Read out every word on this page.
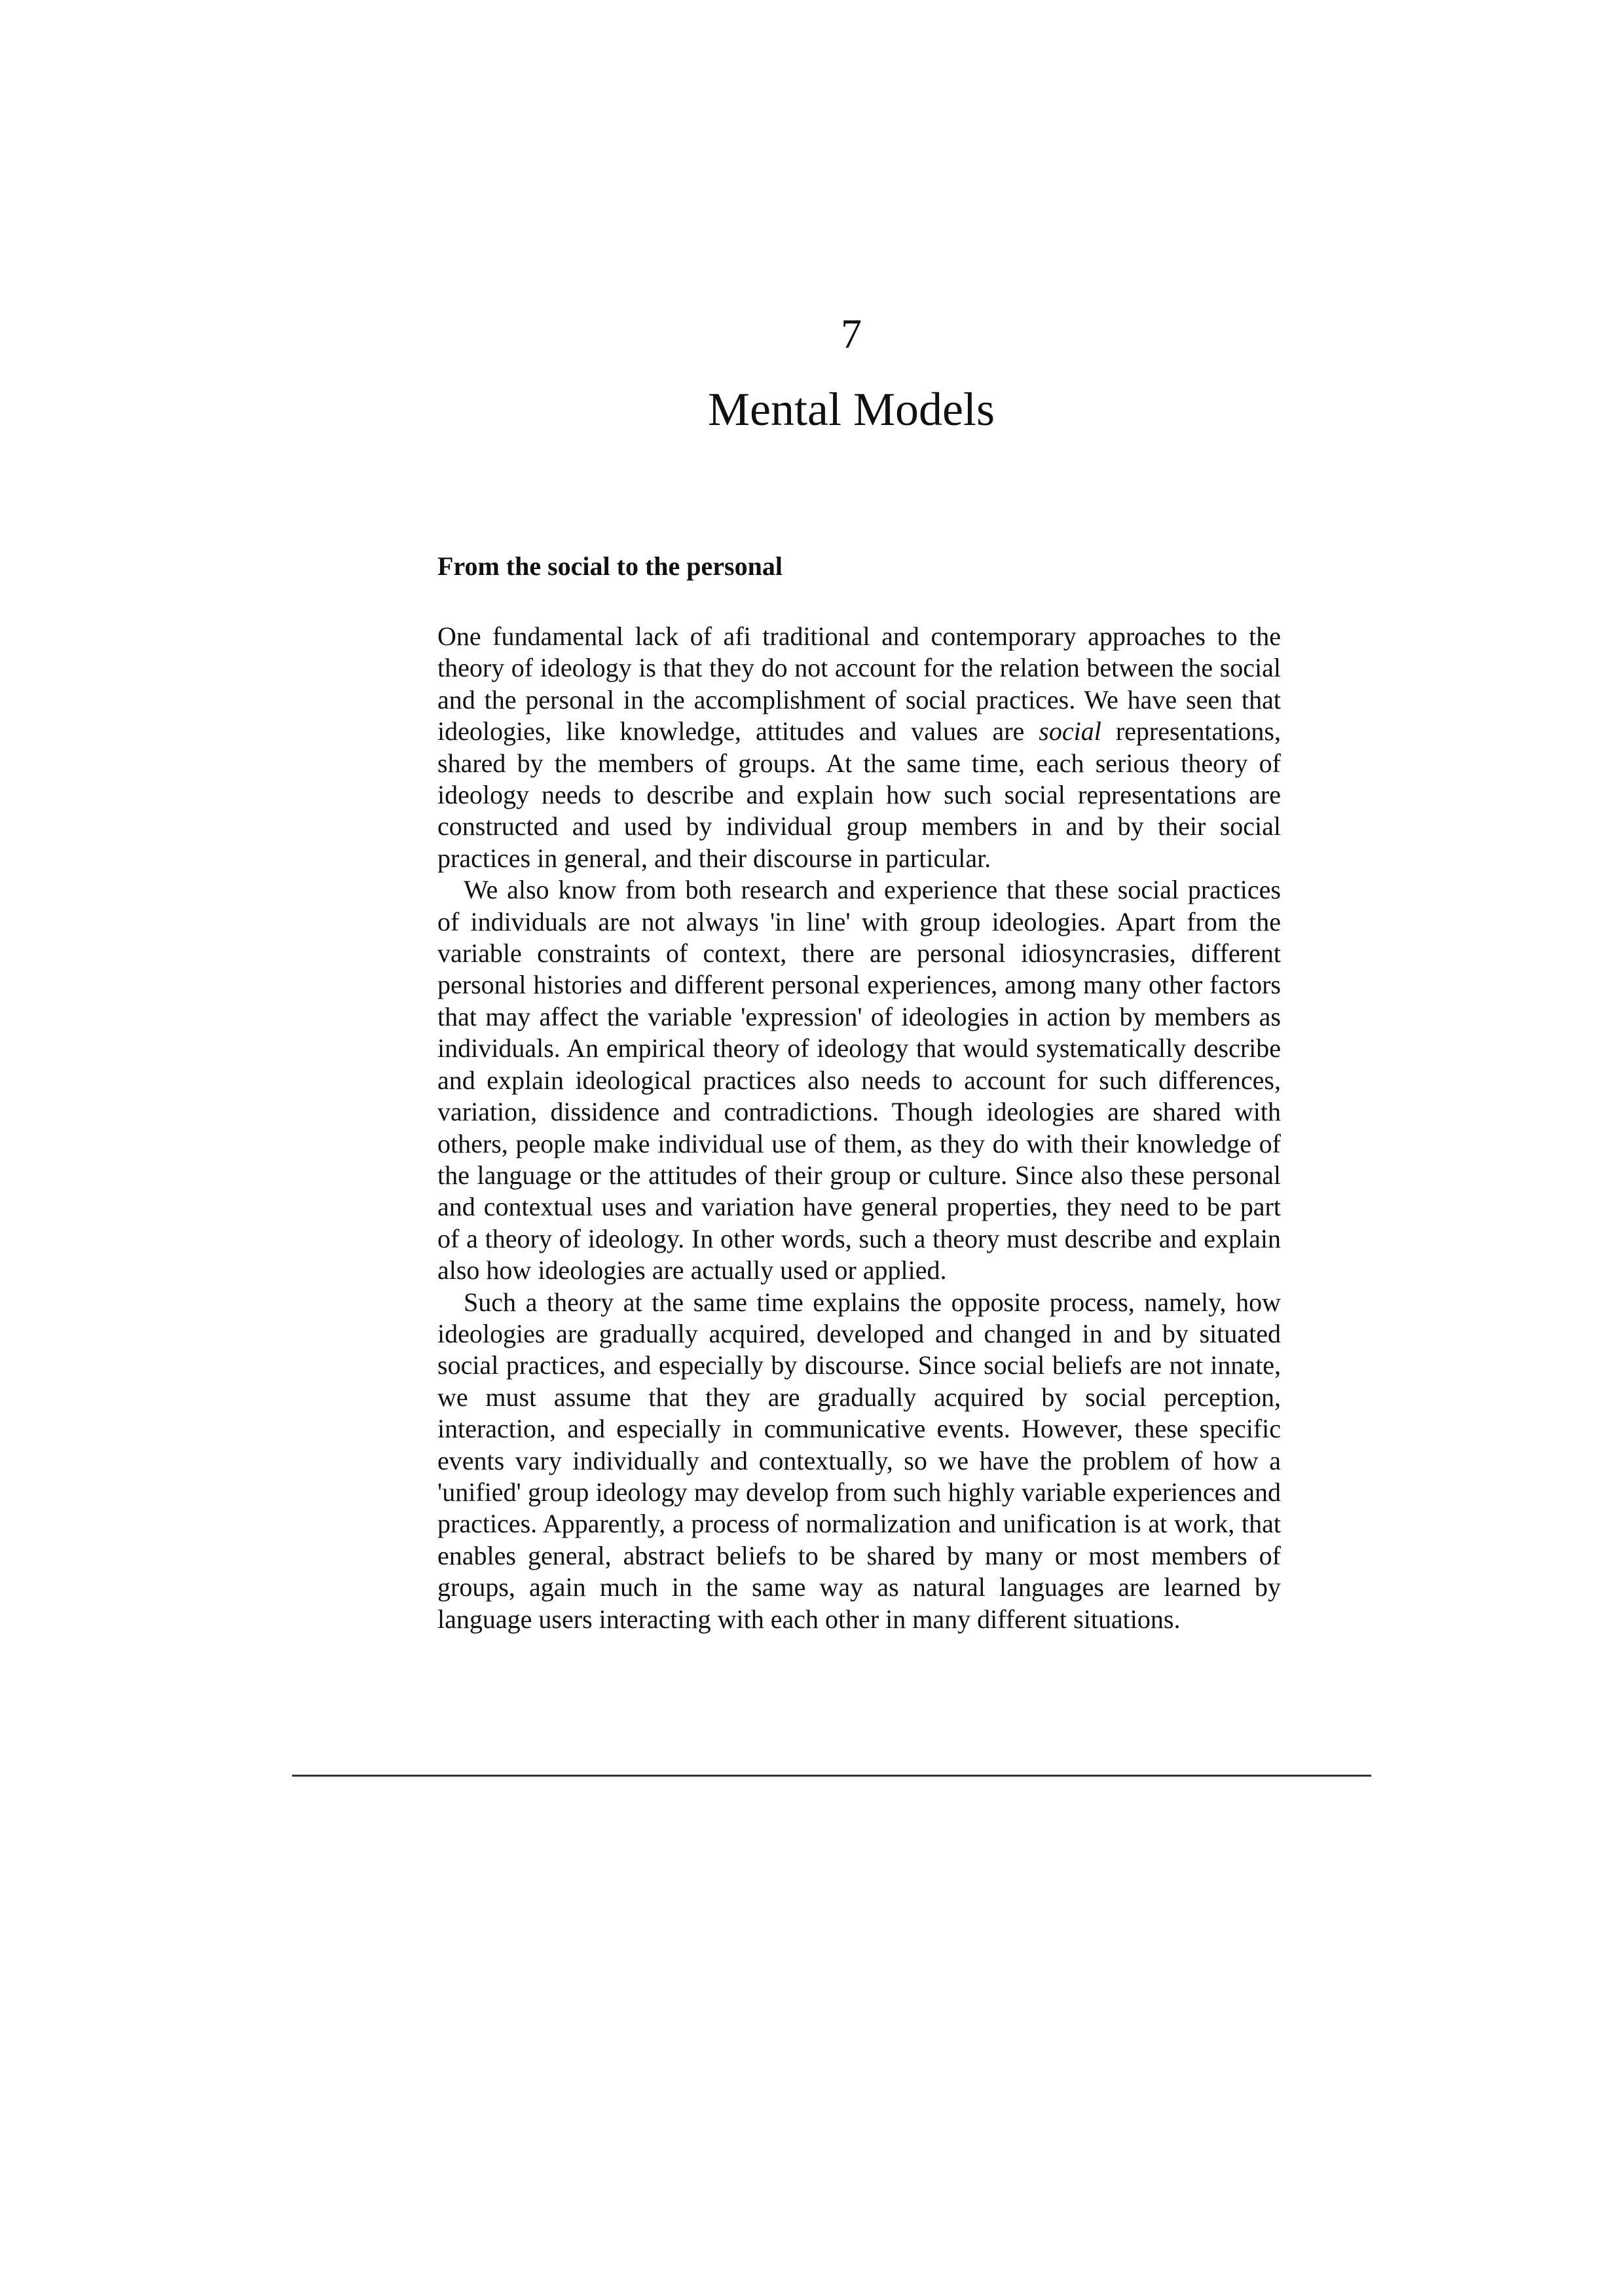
7
Mental Models
From the social to the personal

One fundamental lack of afi traditional and contemporary approaches to the theory of ideology is that they do not account for the relation between the social and the personal in the accomplishment of social practices. We have seen that ideologies, like knowledge, attitudes and values are social representations, shared by the members of groups. At the same time, each serious theory of ideology needs to describe and explain how such social representations are constructed and used by individual group members in and by their social practices in general, and their discourse in particular.

We also know from both research and experience that these social practices of individuals are not always 'in line' with group ideologies. Apart from the variable constraints of context, there are personal idiosyncrasies, different personal histories and different personal experiences, among many other factors that may affect the variable 'expression' of ideologies in action by members as individuals. An empirical theory of ideology that would systematically describe and explain ideological practices also needs to account for such differences, variation, dissidence and contradictions. Though ideologies are shared with others, people make individual use of them, as they do with their knowledge of the language or the attitudes of their group or culture. Since also these personal and contextual uses and variation have general properties, they need to be part of a theory of ideology. In other words, such a theory must describe and explain also how ideologies are actually used or applied.

Such a theory at the same time explains the opposite process, namely, how ideologies are gradually acquired, developed and changed in and by situated social practices, and especially by discourse. Since social beliefs are not innate, we must assume that they are gradually acquired by social perception, interaction, and especially in communicative events. However, these specific events vary individually and contextually, so we have the problem of how a 'unified' group ideology may develop from such highly variable experiences and practices. Apparently, a process of normalization and unification is at work, that enables general, abstract beliefs to be shared by many or most members of groups, again much in the same way as natural languages are learned by language users interacting with each other in many different situations.
